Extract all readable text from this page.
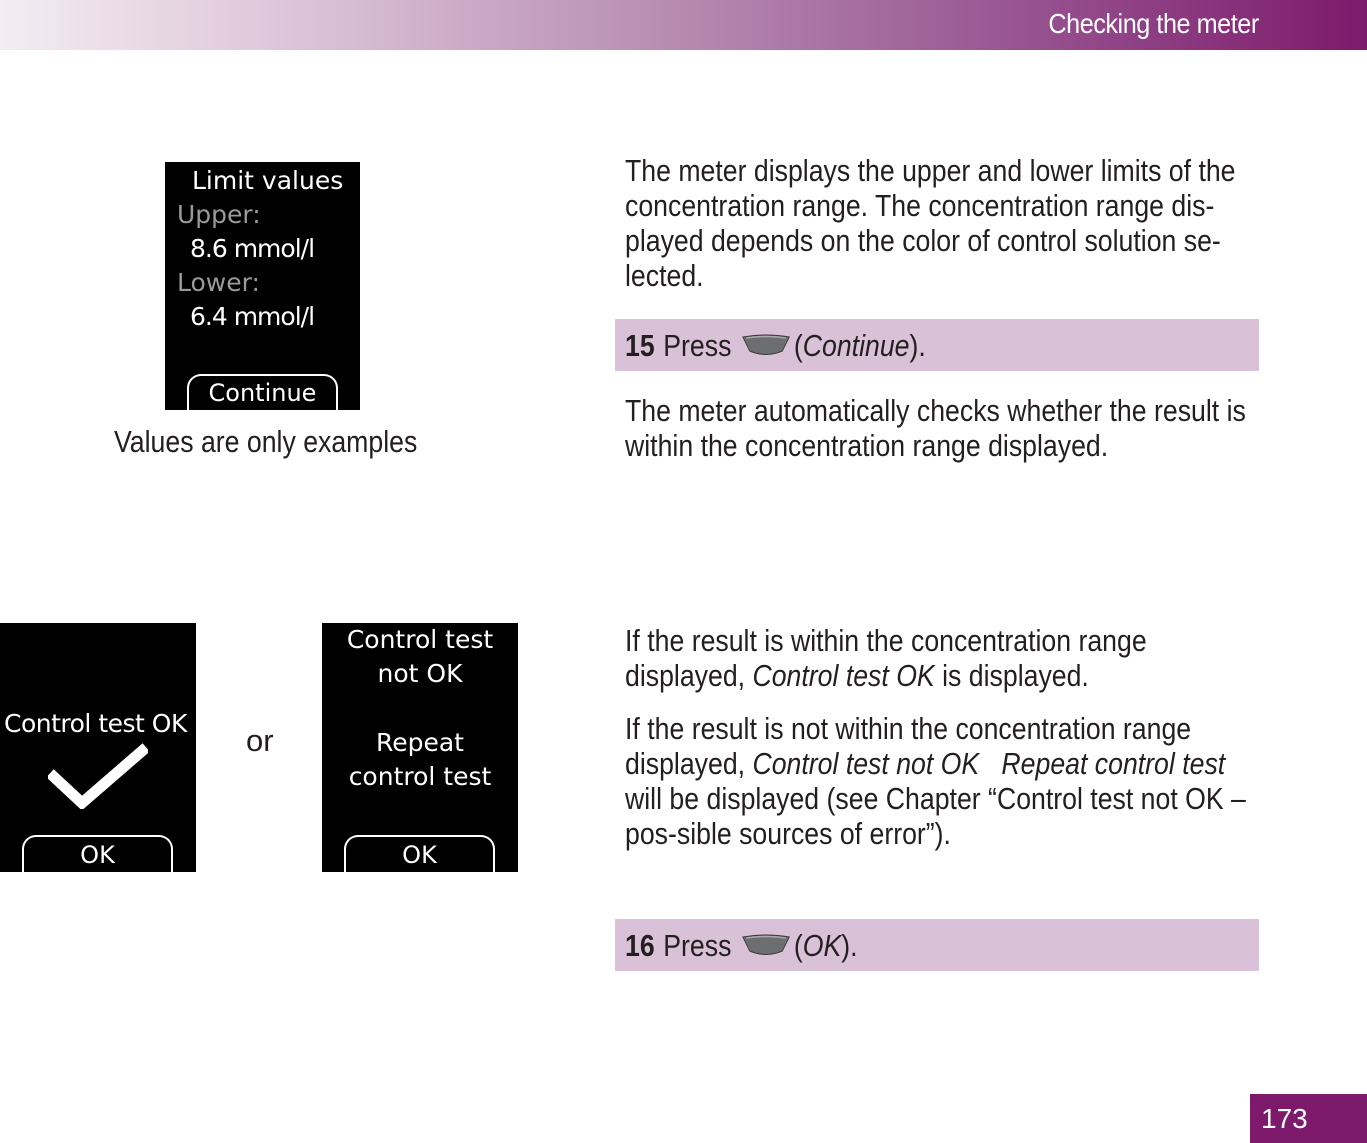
Checking the meter
Limit values
Upper:
8.6 mmol/l
Lower:
6.4 mmol/l
Continue
Values are only examples
Control test OK
OK
or
Control test
not OK
Repeat
control test
OK

The meter displays the upper and lower limits of the concentration range. The concentration range dis-played depends on the color of control solution se-lected.

15 Press (Continue).

The meter automatically checks whether the result is within the concentration range displayed.

If the result is within the concentration range displayed, Control test OK is displayed.

If the result is not within the concentration range displayed, Control test not OK Repeat control test will be displayed (see Chapter “Control test not OK – pos-sible sources of error”).

16 Press (OK).
173
